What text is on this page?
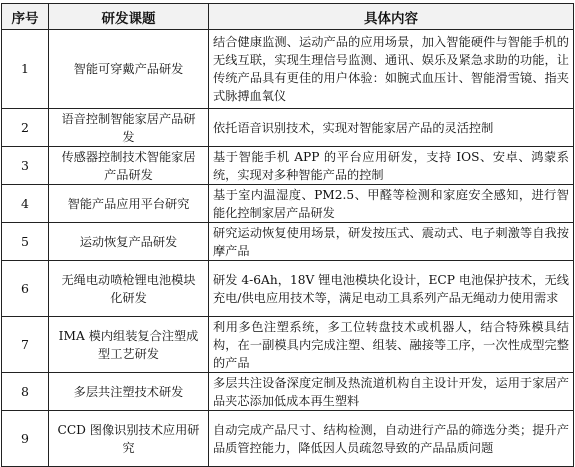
序号	研发课题	具体内容
1	智能可穿戴产品研发	结合健康监测、运动产品的应用场景，加入智能硬件与智能手机的无线互联，实现生理信号监测、通讯、娱乐及紧急求助的功能，让传统产品具有更佳的用户体验：如腕式血压计、智能滑雪镜、指夹式脉搏血氧仪
2	语音控制智能家居产品研发	依托语音识别技术，实现对智能家居产品的灵活控制
3	传感器控制技术智能家居产品研发	基于智能手机 APP 的平台应用研发，支持 IOS、安卓、鸿蒙系统，实现对多种智能产品的控制
4	智能产品应用平台研究	基于室内温湿度、PM2.5、甲醛等检测和家庭安全感知，进行智能化控制家居产品研发
5	运动恢复产品研发	研究运动恢复使用场景，研发按压式、震动式、电子刺激等自我按摩产品
6	无绳电动喷枪锂电池模块化研发	研发 4-6Ah，18V 锂电池模块化设计，ECP 电池保护技术，无线充电/供电应用技术等，满足电动工具系列产品无绳动力使用需求
7	IMA 模内组装复合注塑成型工艺研发	利用多色注塑系统，多工位转盘技术或机器人，结合特殊模具结构，在一副模具内完成注塑、组装、融接等工序，一次性成型完整的产品
8	多层共注塑技术研发	多层共注设备深度定制及热流道机构自主设计开发，运用于家居产品夹芯添加低成本再生塑料
9	CCD 图像识别技术应用研究	自动完成产品尺寸、结构检测，自动进行产品的筛选分类；提升产品质管控能力，降低因人员疏忽导致的产品品质问题
